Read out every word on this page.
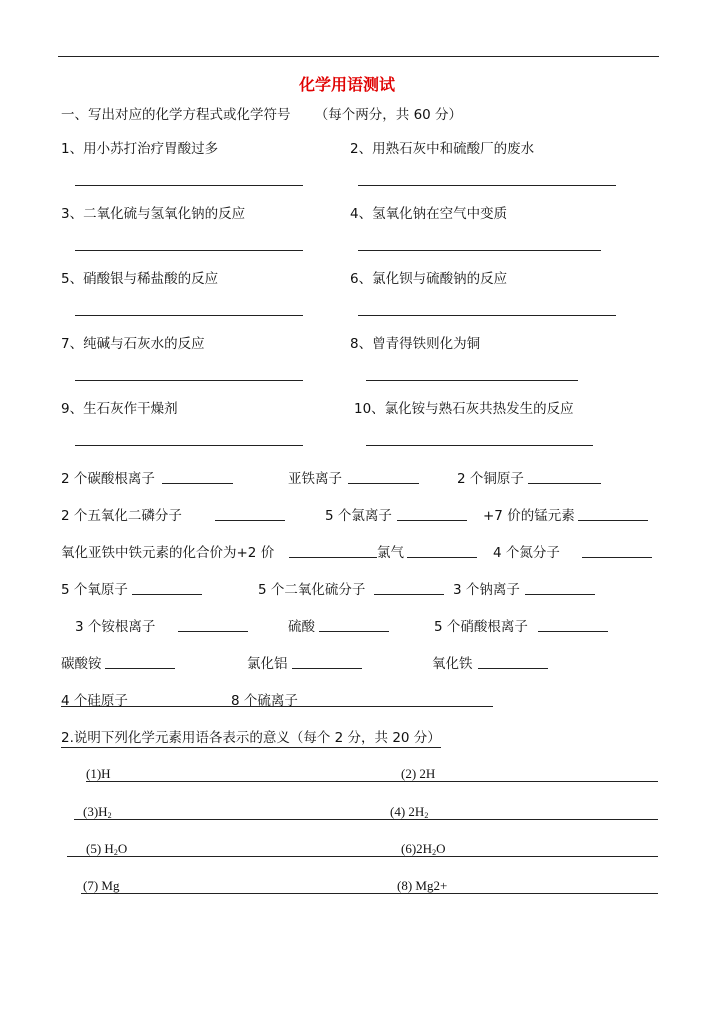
化学用语测试
一、写出对应的化学方程式或化学符号 （每个两分，共 60 分）
1、用小苏打治疗胃酸过多	2、用熟石灰中和硫酸厂的废水
3、二氧化硫与氢氧化钠的反应	4、氢氧化钠在空气中变质
5、硝酸银与稀盐酸的反应	6、氯化钡与硫酸钠的反应
7、纯碱与石灰水的反应	8、曾青得铁则化为铜
9、生石灰作干燥剂	10、氯化铵与熟石灰共热发生的反应
2 个碳酸根离子	亚铁离子	2 个铜原子
2 个五氧化二磷分子	5 个氯离子	+7 价的锰元素
氧化亚铁中铁元素的化合价为+2 价	氯气	4 个氮分子
5 个氧原子	5 个二氧化硫分子	3 个钠离子
3 个铵根离子	硫酸	5 个硝酸根离子
碳酸铵	氯化铝	氧化铁
4 个硅原子	8 个硫离子
2.说明下列化学元素用语各表示的意义（每个 2 分，共 20 分）
(1)H	(2) 2H
$(3)H_2$	(4) $2H_2$
(5) $H_2O$	$(6)2H_2O$
(7) Mg	(8) Mg2+
